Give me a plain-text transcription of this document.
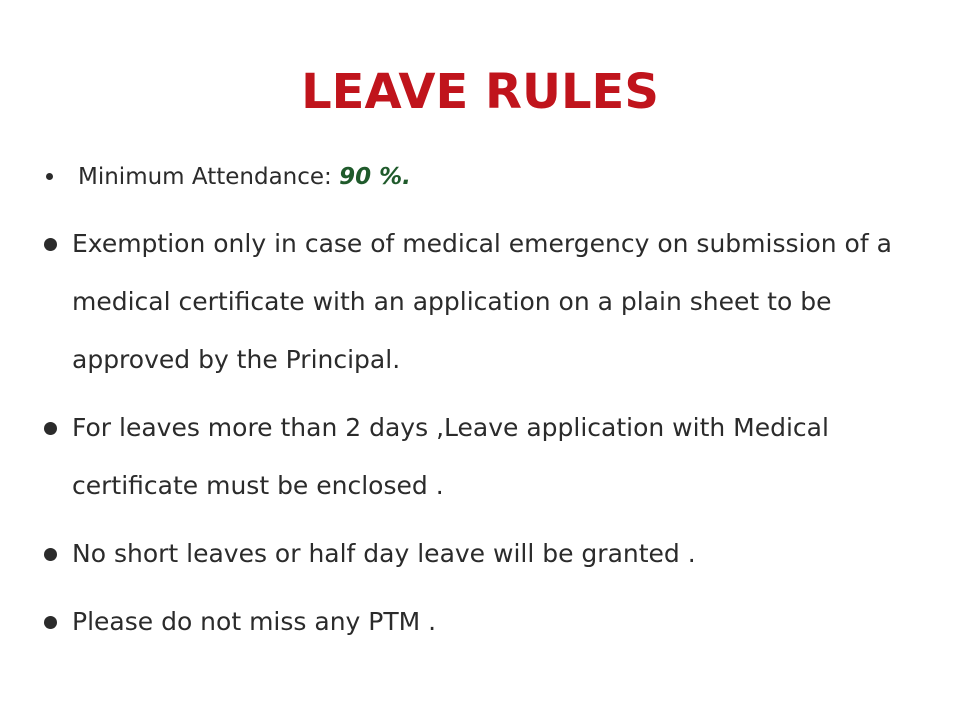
LEAVE RULES
Minimum Attendance: 90 %.
Exemption only in case of medical emergency on submission of a medical certificate with an application on a plain sheet to be approved by the Principal.
For leaves more than 2 days ,Leave application with Medical certificate must be enclosed .
No short leaves or half day leave will be granted .
Please do not miss any PTM .
